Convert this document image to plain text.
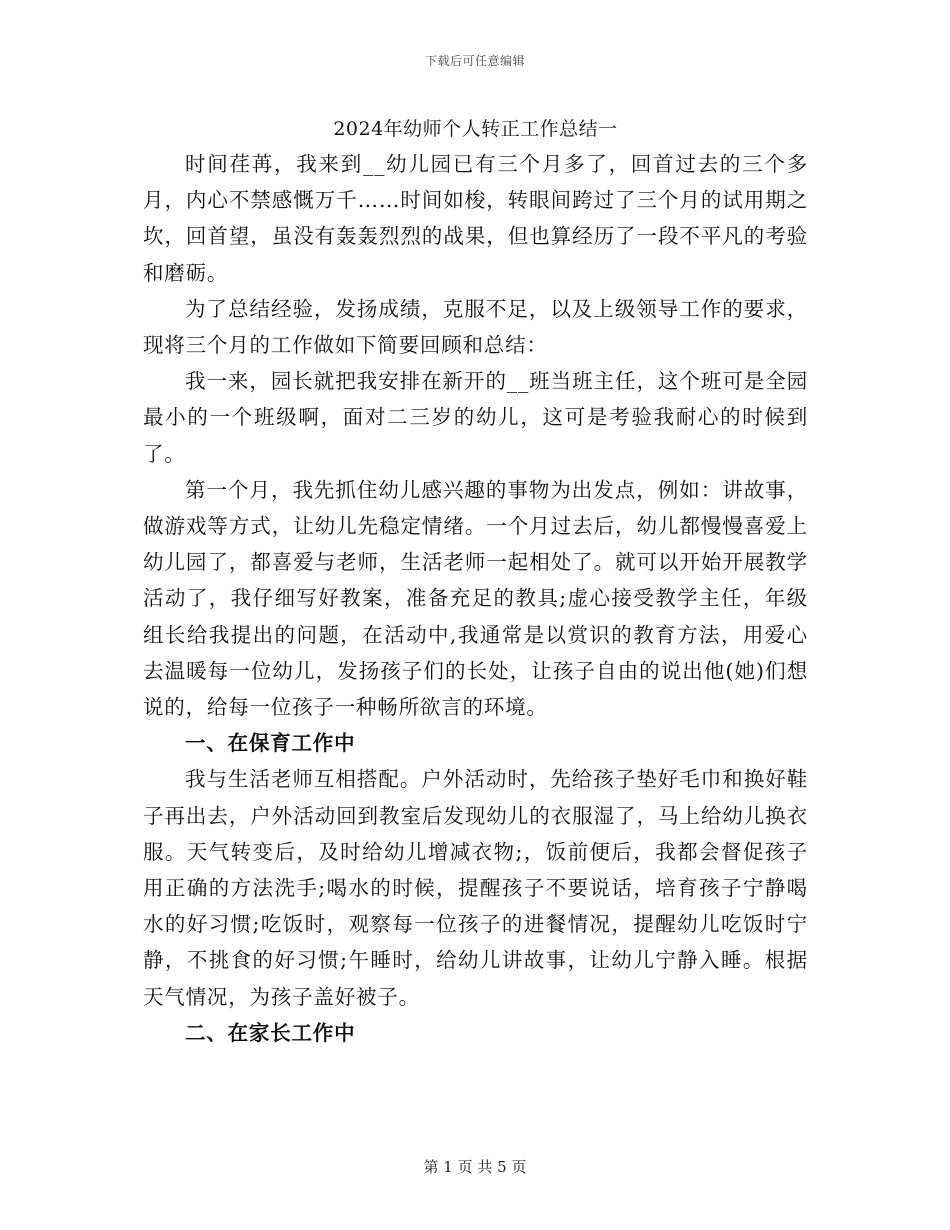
下载后可任意编辑
2024年幼师个人转正工作总结一

时间荏苒，我来到__幼儿园已有三个月多了，回首过去的三个多月，内心不禁感慨万千……时间如梭，转眼间跨过了三个月的试用期之坎，回首望，虽没有轰轰烈烈的战果，但也算经历了一段不平凡的考验和磨砺。

为了总结经验，发扬成绩，克服不足，以及上级领导工作的要求，现将三个月的工作做如下简要回顾和总结：

我一来，园长就把我安排在新开的__班当班主任，这个班可是全园最小的一个班级啊，面对二三岁的幼儿，这可是考验我耐心的时候到了。

第一个月，我先抓住幼儿感兴趣的事物为出发点，例如：讲故事，做游戏等方式，让幼儿先稳定情绪。一个月过去后，幼儿都慢慢喜爱上幼儿园了，都喜爱与老师，生活老师一起相处了。就可以开始开展教学活动了，我仔细写好教案，准备充足的教具;虚心接受教学主任，年级组长给我提出的问题，在活动中,我通常是以赏识的教育方法，用爱心去温暖每一位幼儿，发扬孩子们的长处，让孩子自由的说出他(她)们想说的，给每一位孩子一种畅所欲言的环境。

一、在保育工作中

我与生活老师互相搭配。户外活动时，先给孩子垫好毛巾和换好鞋子再出去，户外活动回到教室后发现幼儿的衣服湿了，马上给幼儿换衣服。天气转变后，及时给幼儿增减衣物;，饭前便后，我都会督促孩子用正确的方法洗手;喝水的时候，提醒孩子不要说话，培育孩子宁静喝水的好习惯;吃饭时，观察每一位孩子的进餐情况，提醒幼儿吃饭时宁静，不挑食的好习惯;午睡时，给幼儿讲故事，让幼儿宁静入睡。根据天气情况，为孩子盖好被子。

二、在家长工作中
第 1 页 共 5 页
